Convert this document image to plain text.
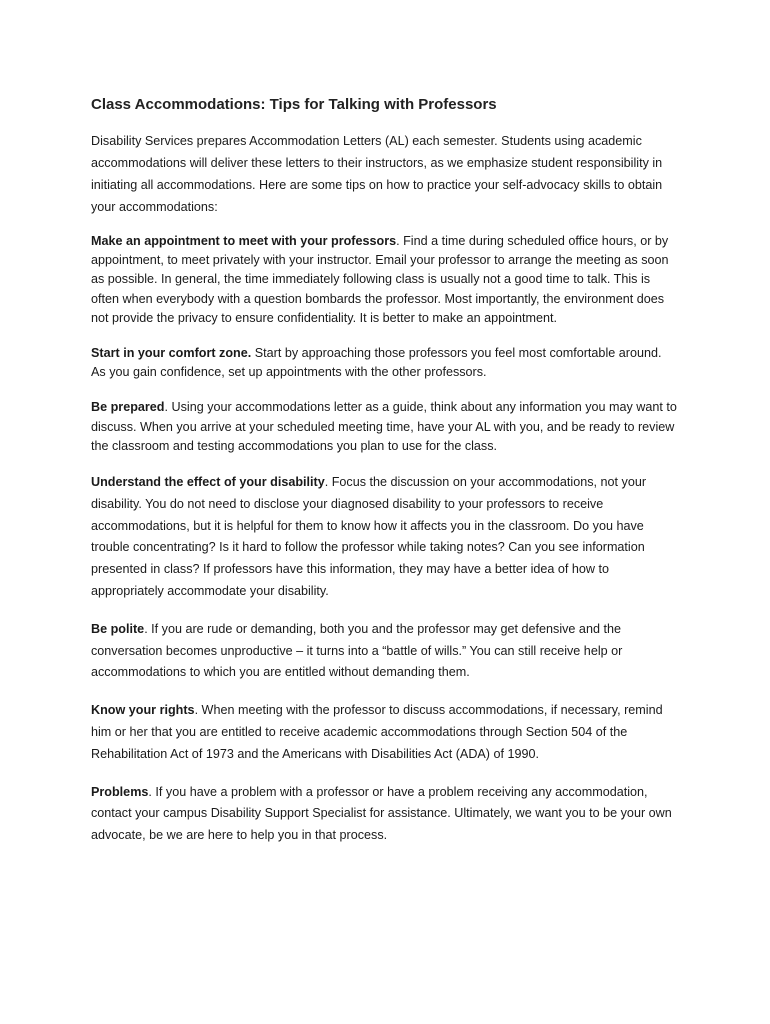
Class Accommodations: Tips for Talking with Professors

Disability Services prepares Accommodation Letters (AL) each semester. Students using academic accommodations will deliver these letters to their instructors, as we emphasize student responsibility in initiating all accommodations. Here are some tips on how to practice your self-advocacy skills to obtain your accommodations:

Make an appointment to meet with your professors. Find a time during scheduled office hours, or by appointment, to meet privately with your instructor. Email your professor to arrange the meeting as soon as possible. In general, the time immediately following class is usually not a good time to talk. This is often when everybody with a question bombards the professor. Most importantly, the environment does not provide the privacy to ensure confidentiality. It is better to make an appointment.

Start in your comfort zone. Start by approaching those professors you feel most comfortable around. As you gain confidence, set up appointments with the other professors.

Be prepared. Using your accommodations letter as a guide, think about any information you may want to discuss. When you arrive at your scheduled meeting time, have your AL with you, and be ready to review the classroom and testing accommodations you plan to use for the class.

Understand the effect of your disability. Focus the discussion on your accommodations, not your disability. You do not need to disclose your diagnosed disability to your professors to receive accommodations, but it is helpful for them to know how it affects you in the classroom. Do you have trouble concentrating? Is it hard to follow the professor while taking notes? Can you see information presented in class? If professors have this information, they may have a better idea of how to appropriately accommodate your disability.

Be polite. If you are rude or demanding, both you and the professor may get defensive and the conversation becomes unproductive – it turns into a “battle of wills.” You can still receive help or accommodations to which you are entitled without demanding them.

Know your rights. When meeting with the professor to discuss accommodations, if necessary, remind him or her that you are entitled to receive academic accommodations through Section 504 of the Rehabilitation Act of 1973 and the Americans with Disabilities Act (ADA) of 1990.

Problems. If you have a problem with a professor or have a problem receiving any accommodation, contact your campus Disability Support Specialist for assistance. Ultimately, we want you to be your own advocate, be we are here to help you in that process.
